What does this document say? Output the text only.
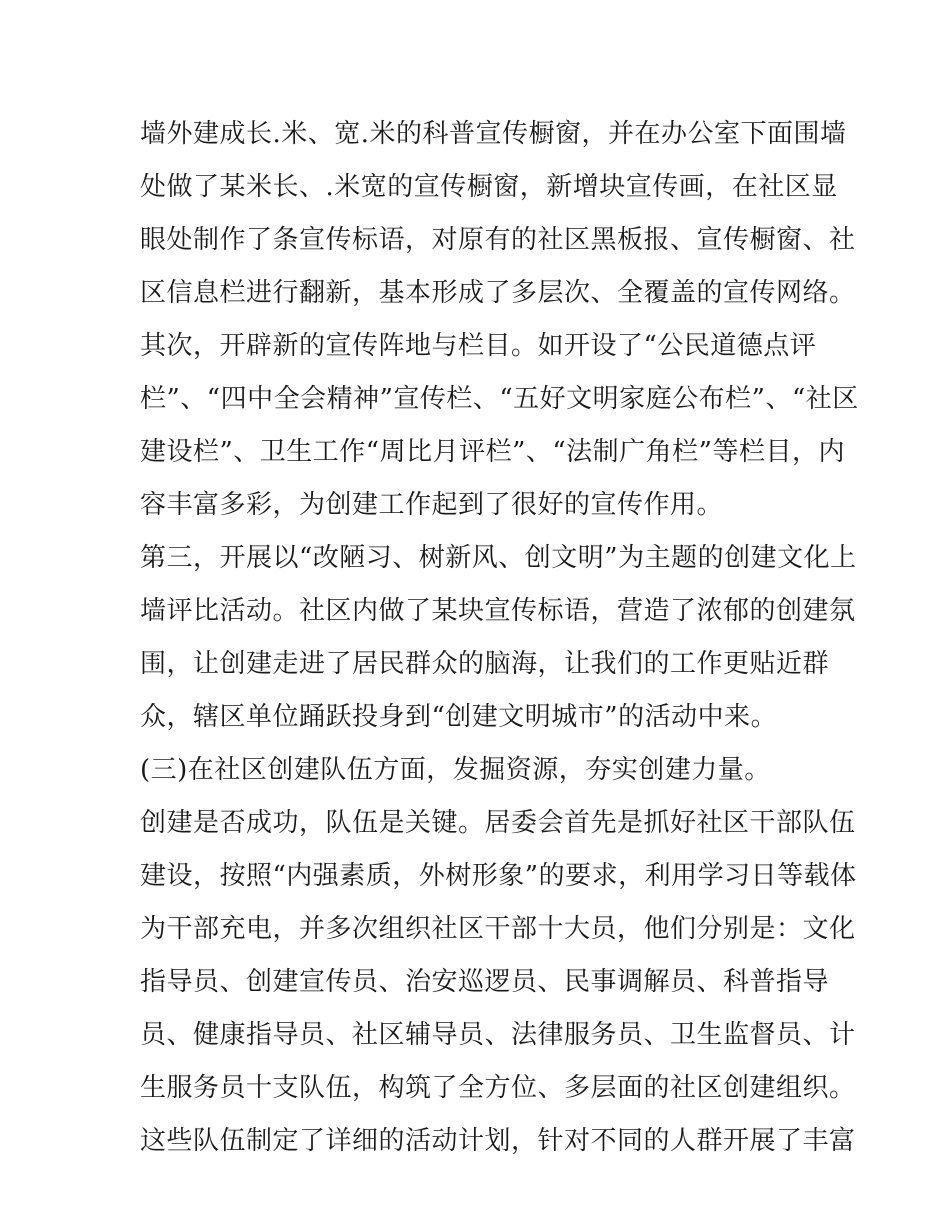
墙外建成长.米、宽.米的科普宣传橱窗，并在办公室下面围墙
处做了某米长、.米宽的宣传橱窗，新增块宣传画，在社区显
眼处制作了条宣传标语，对原有的社区黑板报、宣传橱窗、社
区信息栏进行翻新，基本形成了多层次、全覆盖的宣传网络。
其次，开辟新的宣传阵地与栏目。如开设了“公民道德点评
栏”、“四中全会精神”宣传栏、“五好文明家庭公布栏”、“社区
建设栏”、卫生工作“周比月评栏”、“法制广角栏”等栏目，内
容丰富多彩，为创建工作起到了很好的宣传作用。
第三，开展以“改陋习、树新风、创文明”为主题的创建文化上
墙评比活动。社区内做了某块宣传标语，营造了浓郁的创建氛
围，让创建走进了居民群众的脑海，让我们的工作更贴近群
众，辖区单位踊跃投身到“创建文明城市”的活动中来。
(三)在社区创建队伍方面，发掘资源，夯实创建力量。
创建是否成功，队伍是关键。居委会首先是抓好社区干部队伍
建设，按照“内强素质，外树形象”的要求，利用学习日等载体
为干部充电，并多次组织社区干部十大员，他们分别是：文化
指导员、创建宣传员、治安巡逻员、民事调解员、科普指导
员、健康指导员、社区辅导员、法律服务员、卫生监督员、计
生服务员十支队伍，构筑了全方位、多层面的社区创建组织。
这些队伍制定了详细的活动计划，针对不同的人群开展了丰富
